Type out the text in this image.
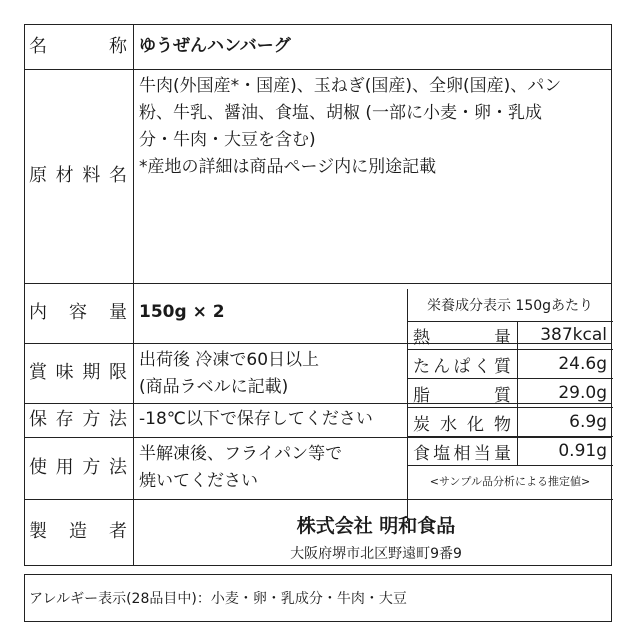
名	称 ゆうぜんハンバーグ
原 材 料 名
牛肉(外国産*・国産)、玉ねぎ(国産)、全卵(国産)、パン
粉、牛乳、醤油、食塩、胡椒 (一部に小麦・卵・乳成
分・牛肉・大豆を含む)
*産地の詳細は商品ページ内に別途記載
内 容 量 150g × 2
賞 味 期 限
出荷後 冷凍で60日以上
(商品ラベルに記載)
保 存 方 法 -18℃以下で保存してください
使 用 方 法
半解凍後、フライパン等で
焼いてください
製 造 者	株式会社 明和食品
大阪府堺市北区野遠町9番9
栄養成分表示 150gあたり
熱	量 387kcal
た ん ぱ く 質	24.6g
脂	質	29.0g
炭 水 化 物	6.9g
食 塩 相 当 量	0.91g
<サンプル品分析による推定値>
アレルギー表示(28品目中)：小麦・卵・乳成分・牛肉・大豆
